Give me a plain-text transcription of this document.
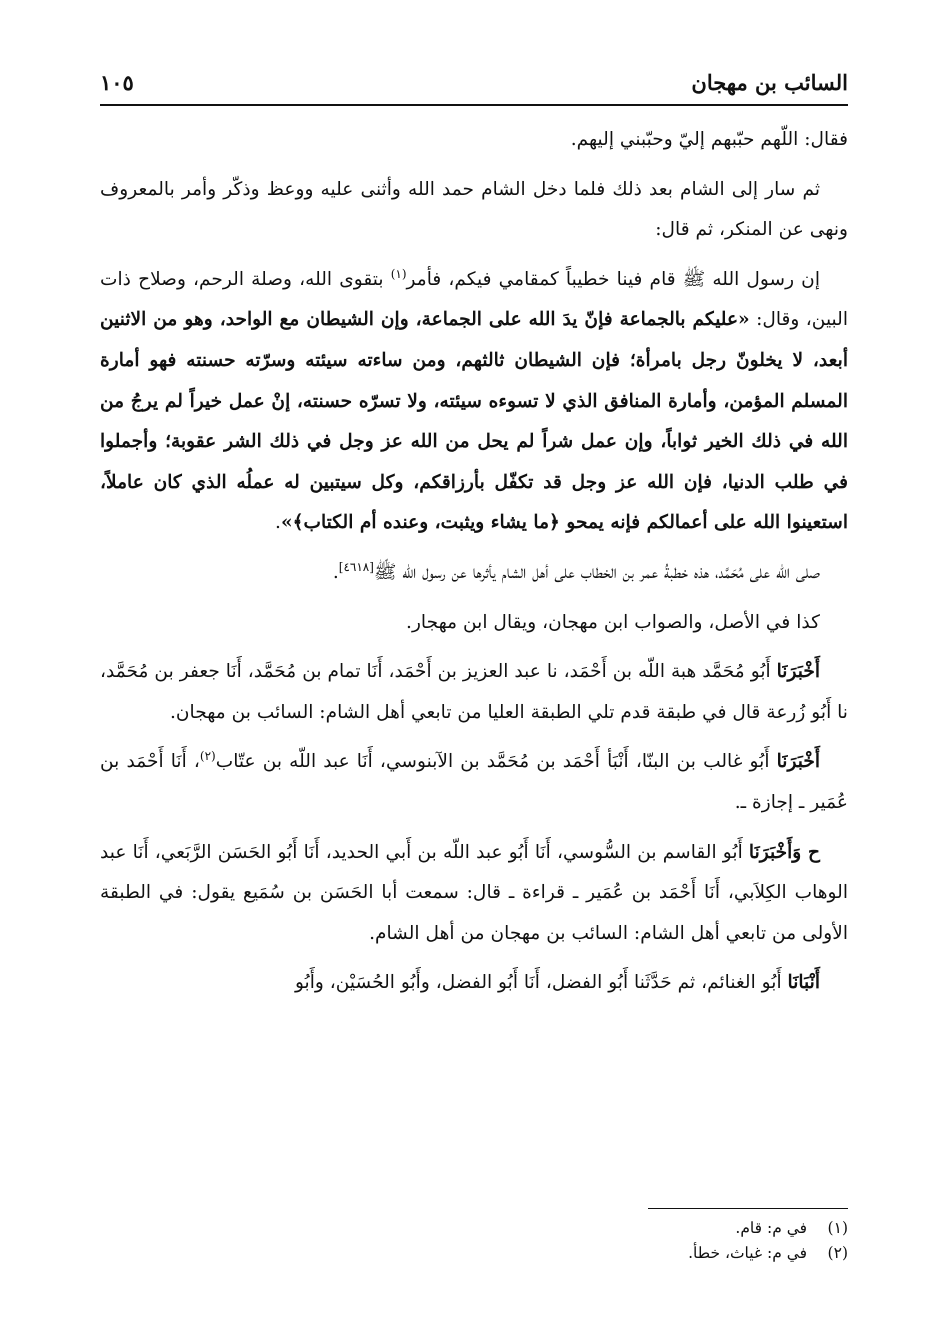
السائب بن مهجان
١٠٥

فقال: اللّهم حبّبهم إليّ وحبّبني إليهم.

ثم سار إلى الشام بعد ذلك فلما دخل الشام حمد الله وأثنى عليه ووعظ وذكّر وأمر بالمعروف ونهى عن المنكر، ثم قال:

إن رسول الله ﷺ قام فينا خطيباً كمقامي فيكم، فأمر$^{(١)}$ بتقوى الله، وصلة الرحم، وصلاح ذات البين، وقال: «عليكم بالجماعة فإنّ يدَ الله على الجماعة، وإن الشيطان مع الواحد، وهو من الاثنين أبعد، لا يخلونّ رجل بامرأة؛ فإن الشيطان ثالثهم، ومن ساءته سيئته وسرّته حسنته فهو أمارة المسلم المؤمن، وأمارة المنافق الذي لا تسوءه سيئته، ولا تسرّه حسنته، إنْ عمل خيراً لم يرجُ من الله في ذلك الخير ثواباً، وإن عمل شراً لم يحل من الله عز وجل في ذلك الشر عقوبة؛ وأجملوا في طلب الدنيا، فإن الله عز وجل قد تكفّل بأرزاقكم، وكل سيتبين له عملُه الذي كان عاملاً، استعينوا الله على أعمالكم فإنه يمحو ﴿ما يشاء ويثبت، وعنده أم الكتاب﴾».

صلى الله على مُحَمَّد، هذه خطبةُ عمر بن الخطاب على أهل الشام يأثرها عن رسول الله ﷺ[٤٦١٨].

كذا في الأصل، والصواب ابن مهجان، ويقال ابن مهجار.

أَخْبَرَنَا أَبُو مُحَمَّد هبة اللّه بن أَحْمَد، نا عبد العزيز بن أَحْمَد، أَنَا تمام بن مُحَمَّد، أَنَا جعفر بن مُحَمَّد، نا أَبُو زُرعة قال في طبقة قدم تلي الطبقة العليا من تابعي أهل الشام: السائب بن مهجان.

أَخْبَرَنَا أَبُو غالب بن البنّا، أَنْبَأ أَحْمَد بن مُحَمَّد بن الآبنوسي، أَنَا عبد اللّه بن عتّاب$^{(٢)}$، أَنَا أَحْمَد بن عُمَير ـ إجازة ـ.

ح وَأَخْبَرَنَا أَبُو القاسم بن السُّوسي، أَنَا أَبُو عبد اللّه بن أَبي الحديد، أَنَا أَبُو الحَسَن الرَّبَعي، أَنَا عبد الوهاب الكِلاَبي، أَنَا أَحْمَد بن عُمَير ـ قراءة ـ قال: سمعت أبا الحَسَن بن سُمَيع يقول: في الطبقة الأولى من تابعي أهل الشام: السائب بن مهجان من أهل الشام.

أَنْبَانَا أَبُو الغنائم، ثم حَدَّثَنا أَبُو الفضل، أَنَا أَبُو الفضل، وأَبُو الحُسَيْن، وأَبُو

(١) في م: قام.
(٢) في م: غياث، خطأ.
